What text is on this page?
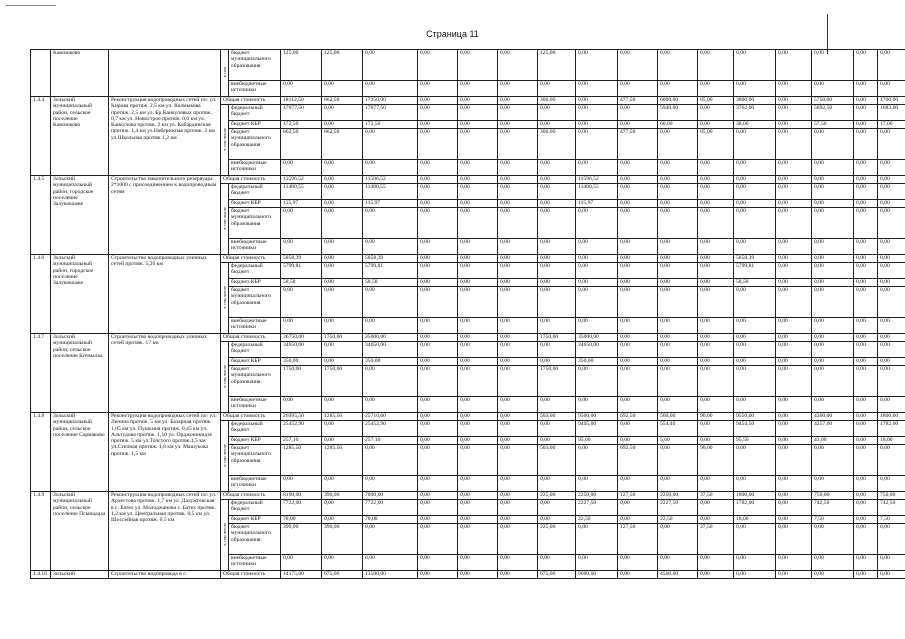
Страница 11
	Камлюково		в том	бюджет муниципального образования	125,00	125,00	0,00	0,00	0,00	0,00	125,00	0,00	0,00	0,00	0,00	0,00	0,00	0,00	0,00	0,00
				внебюджетные источники	0,00	0,00	0,00	0,00	0,00	0,00	0,00	0,00	0,00	0,00	0,00	0,00	0,00	0,00	0,00	0,00
1.4.4	Зольский муниципальный район, сельское поселение Камлюково	Реконструкция водопроводных сетей по: ул. Кирова протяж. 2,5 км ул. Калмыкова протяж. 2,5 км ул. Бр.Канкуловых протяж. 0,7 км ул. Новострое протяж. 0,6 км ул. Канкулова протяж. 2 км ул. Кабардинская протяж. 1,4 км ул.Набережная протяж. 2 км ул.Школьная протяж 1,2 км	Общая стоимость		18112,50	862,50	17250,00	0,00	0,00	0,00	300,00	0,00	477,50	6000,00	85,00	3800,00	0,00	5750,00	0,00	1700,00
			в том числе	федеральный бюджет	17077,50	0,00	17077,50	0,00	0,00	0,00	0,00	0,00	0,00	5940,00	0,00	3762,00	0,00	5692,50	0,00	1683,00
				бюджет КБР	172,50	0,00	172,50	0,00	0,00	0,00	0,00	0,00	0,00	60,00	0,00	38,00	0,00	57,50	0,00	17,00
				бюджет муниципального образования	862,50	862,50	0,00	0,00	0,00	0,00	300,00	0,00	477,50	0,00	85,00	0,00	0,00	0,00	0,00	0,00
				внебюджетные источники	0,00	0,00	0,00	0,00	0,00	0,00	0,00	0,00	0,00	0,00	0,00	0,00	0,00	0,00	0,00	0,00
1.4.5	Зольский муниципальный район, городское поселение Залукокоаже	Строительство накопительного резервуара 2*1000 с присоединением к водопроводным сетям	Общая стоимость		11596,52	0,00	11596,52	0,00	0,00	0,00	0,00	11596,52	0,00	0,00	0,00	0,00	0,00	0,00	0,00	0,00
			в том числе	федеральный бюджет	11480,55	0,00	11480,55	0,00	0,00	0,00	0,00	11480,55	0,00	0,00	0,00	0,00	0,00	0,00	0,00	0,00
				бюджет КБР	115,97	0,00	115,97	0,00	0,00	0,00	0,00	115,97	0,00	0,00	0,00	0,00	0,00	0,00	0,00	0,00
				бюджет муниципального образования	0,00	0,00	0,00	0,00	0,00	0,00	0,00	0,00	0,00	0,00	0,00	0,00	0,00	0,00	0,00	0,00
				внебюджетные источники	0,00	0,00	0,00	0,00	0,00	0,00	0,00	0,00	0,00	0,00	0,00	0,00	0,00	0,00	0,00	0,00
1.4.6	Зольский муниципальный район, городское поселение Залукокоаже	Строительство водопроводных уличных сетей протяж. 5,26 км	Общая стоимость		5858,39	0,00	5858,39	0,00	0,00	0,00	0,00	0,00	0,00	0,00	0,00	5858,39	0,00	0,00	0,00	0,00
			в том числе	федеральный бюджет	5799,81	0,00	5799,81	0,00	0,00	0,00	0,00	0,00	0,00	0,00	0,00	5799,81	0,00	0,00	0,00	0,00
				бюджет КБР	58,58	0,00	58,58	0,00	0,00	0,00	0,00	0,00	0,00	0,00	0,00	58,58	0,00	0,00	0,00	0,00
				бюджет муниципального образования	0,00	0,00	0,00	0,00	0,00	0,00	0,00	0,00	0,00	0,00	0,00	0,00	0,00	0,00	0,00	0,00
				внебюджетные источники	0,00	0,00	0,00	0,00	0,00	0,00	0,00	0,00	0,00	0,00	0,00	0,00	0,00	0,00	0,00	0,00
1.4.7	Зольский муниципальный район, сельское поселение Кичмалка	Строительство водопроводных уличных сетей протяж. 17 км	Общая стоимость		36750,00	1750,00	35000,00	0,00	0,00	0,00	1750,00	35000,00	0,00	0,00	0,00	0,00	0,00	0,00	0,00	0,00
			в том числе	федеральный бюджет	34650,00	0,00	34650,00	0,00	0,00	0,00	0,00	34650,00	0,00	0,00	0,00	0,00	0,00	0,00	0,00	0,00
				бюджет КБР	350,00	0,00	350,00	0,00	0,00	0,00	0,00	350,00	0,00	0,00	0,00	0,00	0,00	0,00	0,00	0,00
				бюджет муниципального образования	1750,00	1750,00	0,00	0,00	0,00	0,00	1750,00	0,00	0,00	0,00	0,00	0,00	0,00	0,00	0,00	0,00
				внебюджетные источники	0,00	0,00	0,00	0,00	0,00	0,00	0,00	0,00	0,00	0,00	0,00	0,00	0,00	0,00	0,00	0,00
1.4.8	Зольский муниципальный район, сельское поселение Сармаково	Реконструкция водопроводных сетей по: ул. Ленина протяж. 5 км ул. Базарная протяж. 1,05 км ул. Пушкина протяж. 0,45 км ул. Альтудова протяж. 1,10 ул. Орджоникидзе протяж. 5 км ул.Толстого протяж.1,5 км ул.Степная протяж. 1,8 км ул. Машукова протяж. 1,5 км	Общая стоимость		26995,50	1285,50	25710,00	0,00	0,00	0,00	503,00	9500,00	692,50	560,00	90,00	9550,00	0,00	4300,00	0,00	1800,00
			в том числе	федеральный бюджет	25452,90	0,00	25452,90	0,00	0,00	0,00	0,00	9405,00	0,00	554,40	0,00	9454,50	0,00	4257,00	0,00	1782,00
				бюджет КБР	257,10	0,00	257,10	0,00	0,00	0,00	0,00	95,00	0,00	5,60	0,00	95,50	0,00	43,00	0,00	18,00
				бюджет муниципального образования	1285,50	1285,50	0,00	0,00	0,00	0,00	503,00	0,00	692,50	0,00	90,00	0,00	0,00	0,00	0,00	0,00
				внебюджетные источники	0,00	0,00	0,00	0,00	0,00	0,00	0,00	0,00	0,00	0,00	0,00	0,00	0,00	0,00	0,00	0,00
1.4.9	Зольский муниципальный район, сельское поселение Псынадаха	Реконструкция водопроводных сетей по: ул. Архестова протяж. 1,7 км ул. Дахужгекская в с. Батех ул. Молоджанова с. Батех протяж. 1,2 км ул. Центральная протяж. 0,5 км ул. Шоссейная протяж. 0,5 км	Общая стоимость		8190,00	390,00	7800,00	0,00	0,00	0,00	225,00	2250,00	127,50	2250,00	37,50	1800,00	0,00	750,00	0,00	750,00
			в том числе	федеральный бюджет	7722,00	0,00	7722,00	0,00	0,00	0,00	0,00	2227,50	0,00	2227,50	0,00	1782,00	0,00	742,50	0,00	742,50
				бюджет КБР	78,00	0,00	78,00	0,00	0,00	0,00	0,00	22,50	0,00	22,50	0,00	18,00	0,00	7,50	0,00	7,50
				бюджет муниципального образования	390,00	390,00	0,00	0,00	0,00	0,00	225,00	0,00	127,50	0,00	37,50	0,00	0,00	0,00	0,00	0,00
				внебюджетные источники	0,00	0,00	0,00	0,00	0,00	0,00	0,00	0,00	0,00	0,00	0,00	0,00	0,00	0,00	0,00	0,00
1.4.10	Зольский	Строительство водопровода в с.	Общая стоимость		14175,00	675,00	13500,00	0,00	0,00	0,00	675,00	9000,00	0,00	4500,00	0,00	0,00	0,00	0,00	0,00	0,00
